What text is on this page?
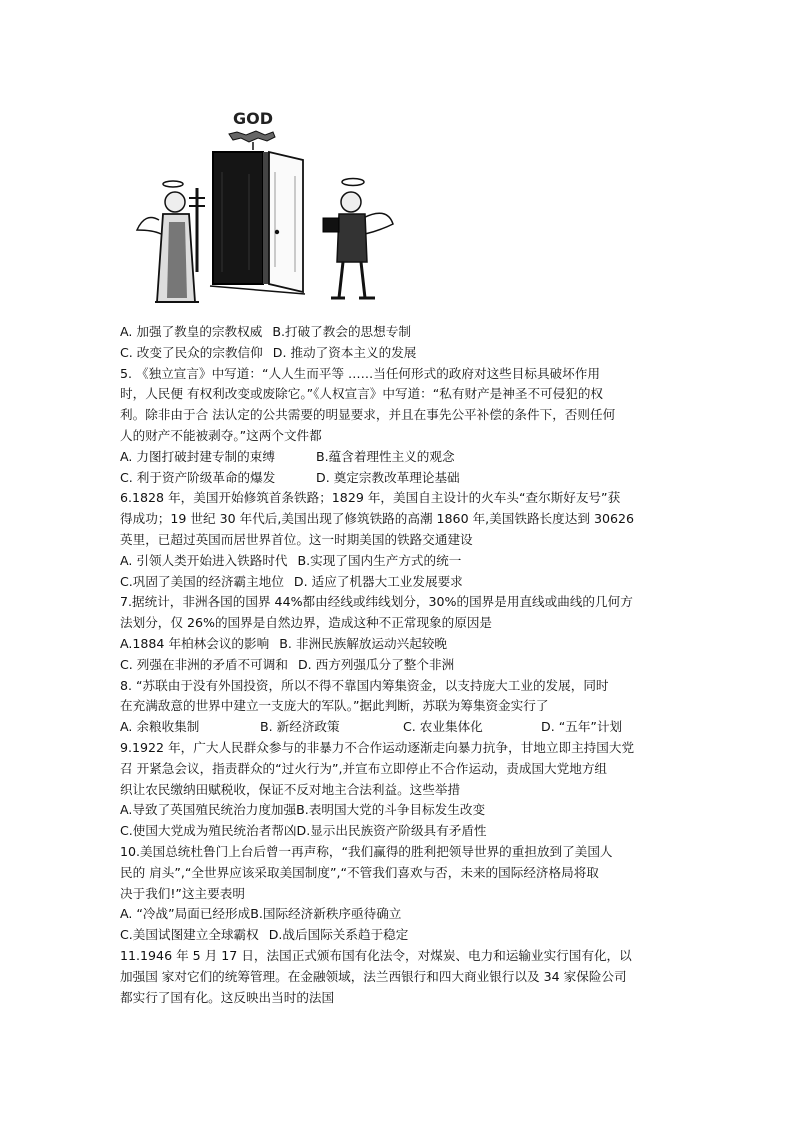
GOD
A. 加强了教皇的宗教权威 B.打破了教会的思想专制
C. 改变了民众的宗教信仰 D. 推动了资本主义的发展

5. 《独立宣言》中写道：“人人生而平等 ……当任何形式的政府对这些目标具破坏作用

时，人民便 有权利改变或废除它。”《人权宣言》中写道：“私有财产是神圣不可侵犯的权

利。除非由于合 法认定的公共需要的明显要求，并且在事先公平补偿的条件下，否则任何

人的财产不能被剥夺。”这两个文件都

A. 力图打破封建专制的束缚	B.蕴含着理性主义的观念
C. 利于资产阶级革命的爆发	D. 奠定宗教改革理论基础

6.1828 年，美国开始修筑首条铁路；1829 年，美国自主设计的火车头“查尔斯好友号”获

得成功；19 世纪 30 年代后,美国出现了修筑铁路的高潮 1860 年,美国铁路长度达到 30626

英里，已超过英国而居世界首位。这一时期美国的铁路交通建设

A. 引领人类开始进入铁路时代 B.实现了国内生产方式的统一
C.巩固了美国的经济霸主地位 D. 适应了机器大工业发展要求

7.据统计，非洲各国的国界 44%都由经线或纬线划分，30%的国界是用直线或曲线的几何方

法划分，仅 26%的国界是自然边界，造成这种不正常现象的原因是

A.1884 年柏林会议的影响 B. 非洲民族解放运动兴起较晚
C. 列强在非洲的矛盾不可调和 D. 西方列强瓜分了整个非洲

8. “苏联由于没有外国投资，所以不得不靠国内筹集资金，以支持庞大工业的发展，同时

在充满敌意的世界中建立一支庞大的军队。”据此判断，苏联为筹集资金实行了

A. 余粮收集制	B. 新经济政策	C. 农业集体化	D. “五年”计划

9.1922 年，广大人民群众参与的非暴力不合作运动逐渐走向暴力抗争，甘地立即主持国大党

召 开紧急会议，指责群众的“过火行为”,并宣布立即停止不合作运动，责成国大党地方组

织让农民缴纳田赋税收，保证不反对地主合法利益。这些举措

A.导致了英国殖民统治力度加强 B.表明国大党的斗争目标发生改变
C.使国大党成为殖民统治者帮凶 D.显示出民族资产阶级具有矛盾性

10.美国总统杜鲁门上台后曾一再声称，“我们赢得的胜利把领导世界的重担放到了美国人

民的 肩头”,“全世界应该采取美国制度”,“不管我们喜欢与否，未来的国际经济格局将取

决于我们!”这主要表明

A. “冷战”局面已经形成 B.国际经济新秩序亟待确立
C.美国试图建立全球霸权 D.战后国际关系趋于稳定

11.1946 年 5 月 17 日，法国正式颁布国有化法令，对煤炭、电力和运输业实行国有化，以

加强国 家对它们的统筹管理。在金融领域，法兰西银行和四大商业银行以及 34 家保险公司

都实行了国有化。这反映出当时的法国
